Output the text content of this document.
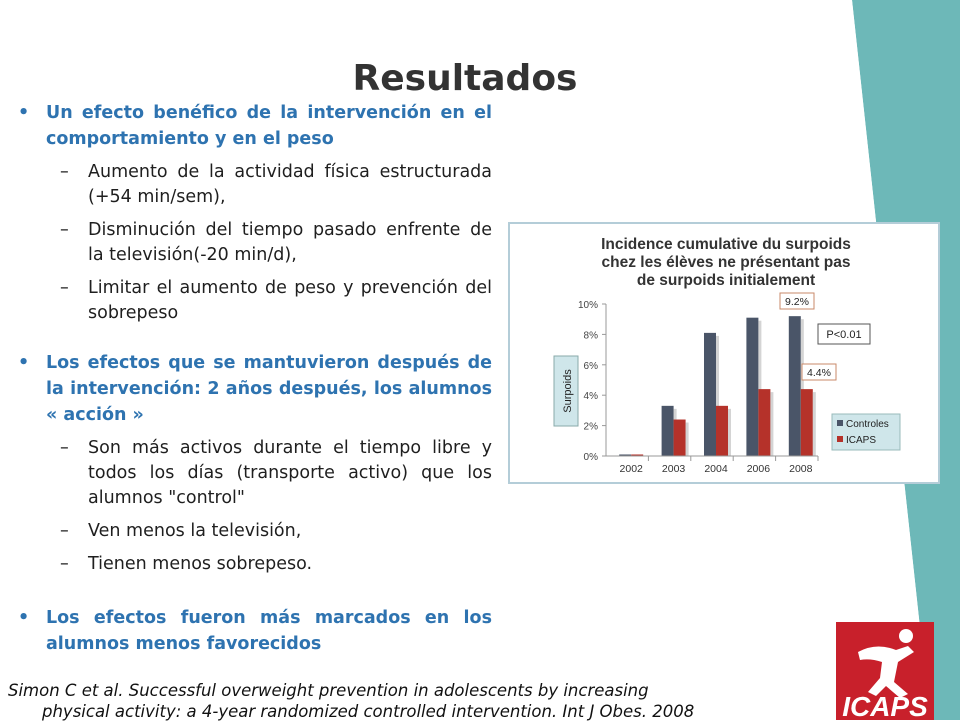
Resultados
• Un efecto benéfico de la intervención en el comportamiento y en el peso
– Aumento de la actividad física estructurada (+54 min/sem),
– Disminución del tiempo pasado enfrente de la televisión(-20 min/d),
– Limitar el aumento de peso y prevención del sobrepeso
• Los efectos que se mantuvieron después de la intervención: 2 años después, los alumnos « acción »
– Son más activos durante el tiempo libre y todos los días (transporte activo) que los alumnos "control"
– Ven menos la televisión,
– Tienen menos sobrepeso.
• Los efectos fueron más marcados en los alumnos menos favorecidos
Incidence cumulative du surpoids
chez les élèves ne présentant pas
de surpoids initialement
Surpoids
0%
2%
4%
6%
8%
10%
2002 2003 2004 2006 2008
9.2%
4.4%
P<0.01
Controles
ICAPS
Simon C et al. Successful overweight prevention in adolescents by increasing
physical activity: a 4-year randomized controlled intervention. Int J Obes. 2008	ICAPS
